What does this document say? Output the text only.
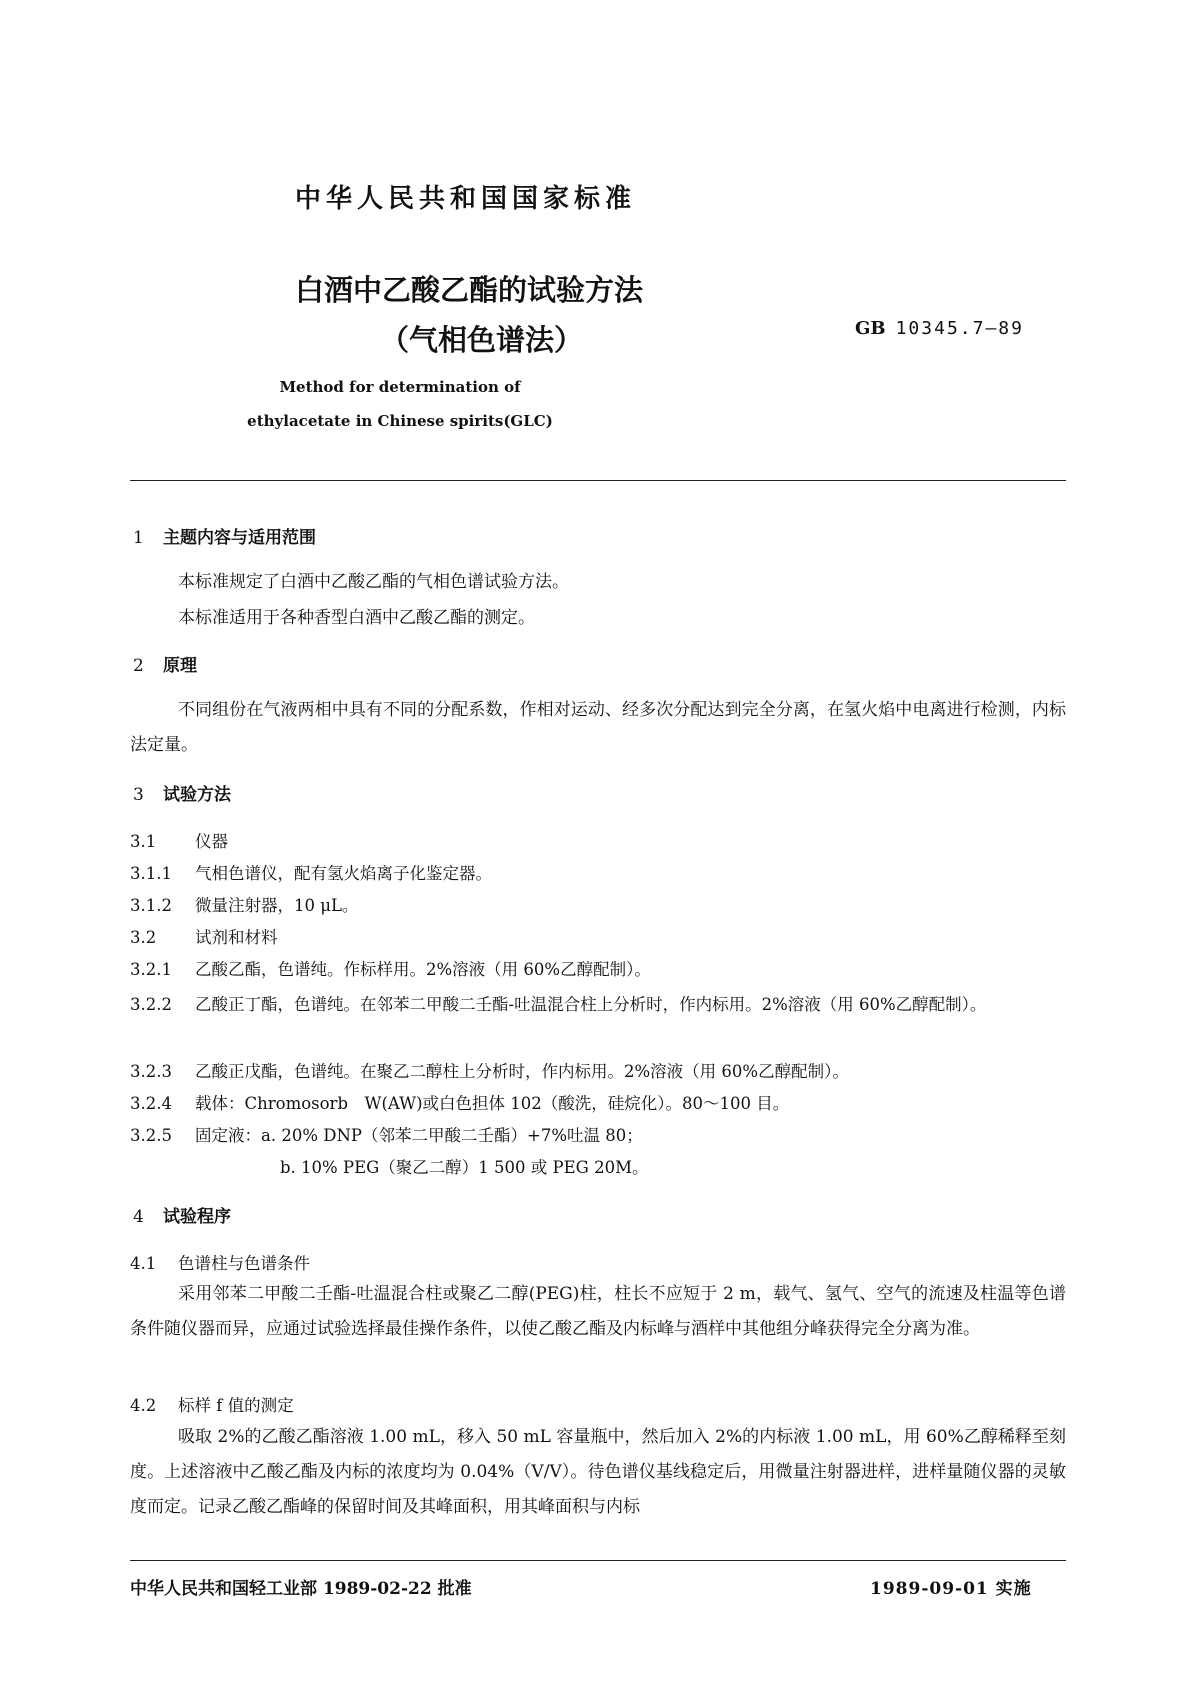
中华人民共和国国家标准
白酒中乙酸乙酯的试验方法
（气相色谱法）	GB 10345.7—89
Method for determination of
ethylacetate in Chinese spirits(GLC)
1 主题内容与适用范围
本标准规定了白酒中乙酸乙酯的气相色谱试验方法。
本标准适用于各种香型白酒中乙酸乙酯的测定。
2 原理
不同组份在气液两相中具有不同的分配系数，作相对运动、经多次分配达到完全分离，在氢火焰中电离进行检测，内标法定量。
3 试验方法
3.1 仪器
3.1.1 气相色谱仪，配有氢火焰离子化鉴定器。
3.1.2 微量注射器，10 μL。
3.2 试剂和材料
3.2.1 乙酸乙酯，色谱纯。作标样用。2%溶液（用 60%乙醇配制）。
3.2.2 乙酸正丁酯，色谱纯。在邻苯二甲酸二壬酯-吐温混合柱上分析时，作内标用。2%溶液（用 60%乙醇配制）。
3.2.3 乙酸正戊酯，色谱纯。在聚乙二醇柱上分析时，作内标用。2%溶液（用 60%乙醇配制）。
3.2.4 载体：Chromosorb　W(AW)或白色担体 102（酸洗，硅烷化）。80～100 目。
3.2.5 固定液：a. 20% DNP（邻苯二甲酸二壬酯）+7%吐温 80；
b. 10% PEG（聚乙二醇）1 500 或 PEG 20M。
4 试验程序
4.1 色谱柱与色谱条件
采用邻苯二甲酸二壬酯-吐温混合柱或聚乙二醇(PEG)柱，柱长不应短于 2 m，载气、氢气、空气的流速及柱温等色谱条件随仪器而异，应通过试验选择最佳操作条件，以使乙酸乙酯及内标峰与酒样中其他组分峰获得完全分离为准。
4.2 标样 f 值的测定
吸取 2%的乙酸乙酯溶液 1.00 mL，移入 50 mL 容量瓶中，然后加入 2%的内标液 1.00 mL，用 60%乙醇稀释至刻度。上述溶液中乙酸乙酯及内标的浓度均为 0.04%（V/V）。待色谱仪基线稳定后，用微量注射器进样，进样量随仪器的灵敏度而定。记录乙酸乙酯峰的保留时间及其峰面积，用其峰面积与内标
中华人民共和国轻工业部 1989-02-22 批准	1989-09-01 实施
